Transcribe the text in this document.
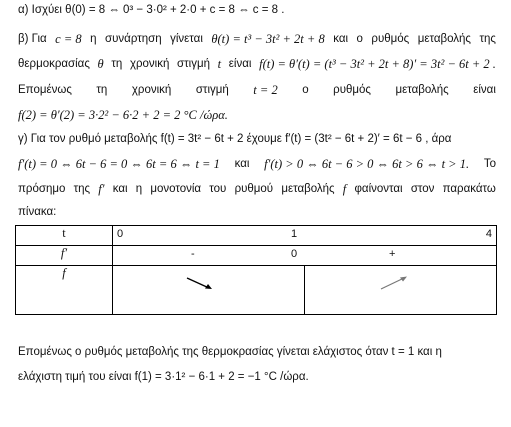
α) Ισχύει θ(0) = 8 ⇔ 0³ − 3·0² + 2·0 + c = 8 ⇔ c = 8 .
β) Για c = 8 η συνάρτηση γίνεται θ(t) = t³ − 3t² + 2t + 8 και ο ρυθμός μεταβολής της
θερμοκρασίας θ τη χρονική στιγμή t είναι f(t) = θ′(t) = (t³ − 3t² + 2t + 8)′ = 3t² − 6t + 2 .
Επομένως τη χρονική στιγμή t = 2 ο ρυθμός μεταβολής είναι
f(2) = θ′(2) = 3·2² − 6·2 + 2 = 2 °C /ώρα.
γ) Για τον ρυθμό μεταβολής f(t) = 3t² − 6t + 2 έχουμε f′(t) = (3t² − 6t + 2)′ = 6t − 6 , άρα
f′(t) = 0 ⇔ 6t − 6 = 0 ⇔ 6t = 6 ⇔ t = 1 και f′(t) > 0 ⇔ 6t − 6 > 0 ⇔ 6t > 6 ⇔ t > 1. Το
πρόσημο της f′ και η μονοτονία του ρυθμού μεταβολής f φαίνονται στον παρακάτω
πίνακα:
t	0 1 4	

f′	- 0 +	

f	

Επομένως ο ρυθμός μεταβολής της θερμοκρασίας γίνεται ελάχιστος όταν t = 1 και η
ελάχιστη τιμή του είναι f(1) = 3·1² − 6·1 + 2 = −1 °C /ώρα.
